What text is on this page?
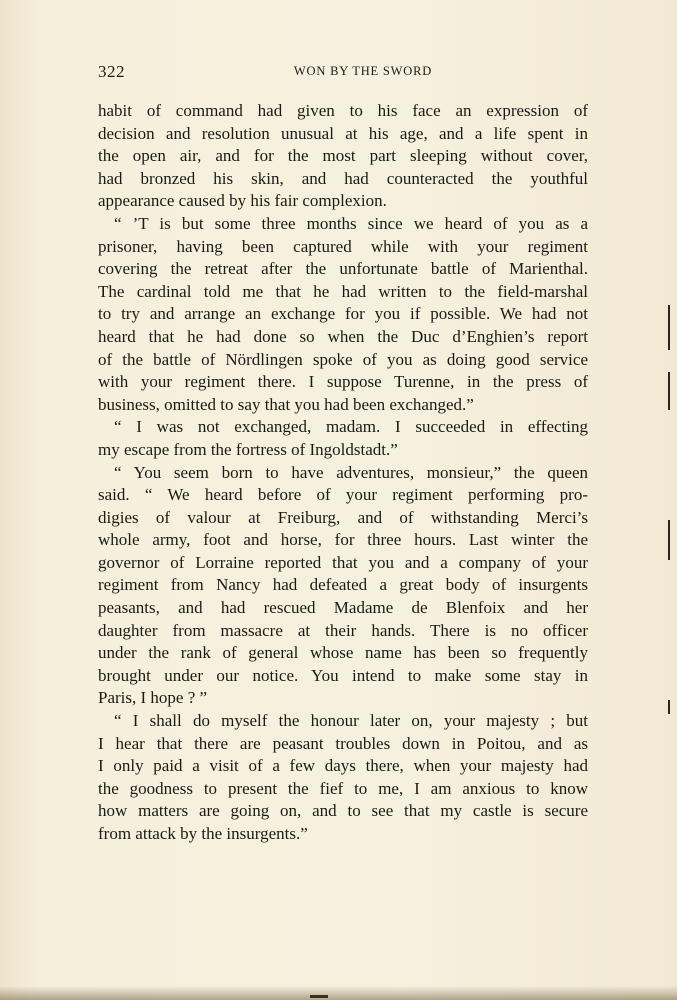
322	WON BY THE SWORD
habit of command had given to his face an expression of
decision and resolution unusual at his age, and a life spent in
the open air, and for the most part sleeping without cover,
had bronzed his skin, and had counteracted the youthful
appearance caused by his fair complexion.
“ ’T is but some three months since we heard of you as a
prisoner, having been captured while with your regiment
covering the retreat after the unfortunate battle of Marienthal.
The cardinal told me that he had written to the field-marshal
to try and arrange an exchange for you if possible. We had not
heard that he had done so when the Duc d’Enghien’s report
of the battle of Nördlingen spoke of you as doing good service
with your regiment there. I suppose Turenne, in the press of
business, omitted to say that you had been exchanged.”
“ I was not exchanged, madam. I succeeded in effecting
my escape from the fortress of Ingoldstadt.”
“ You seem born to have adventures, monsieur,” the queen
said. “ We heard before of your regiment performing pro-
digies of valour at Freiburg, and of withstanding Merci’s
whole army, foot and horse, for three hours. Last winter the
governor of Lorraine reported that you and a company of your
regiment from Nancy had defeated a great body of insurgents
peasants, and had rescued Madame de Blenfoix and her
daughter from massacre at their hands. There is no officer
under the rank of general whose name has been so frequently
brought under our notice. You intend to make some stay in
Paris, I hope ? ”
“ I shall do myself the honour later on, your majesty ; but
I hear that there are peasant troubles down in Poitou, and as
I only paid a visit of a few days there, when your majesty had
the goodness to present the fief to me, I am anxious to know
how matters are going on, and to see that my castle is secure
from attack by the insurgents.”
